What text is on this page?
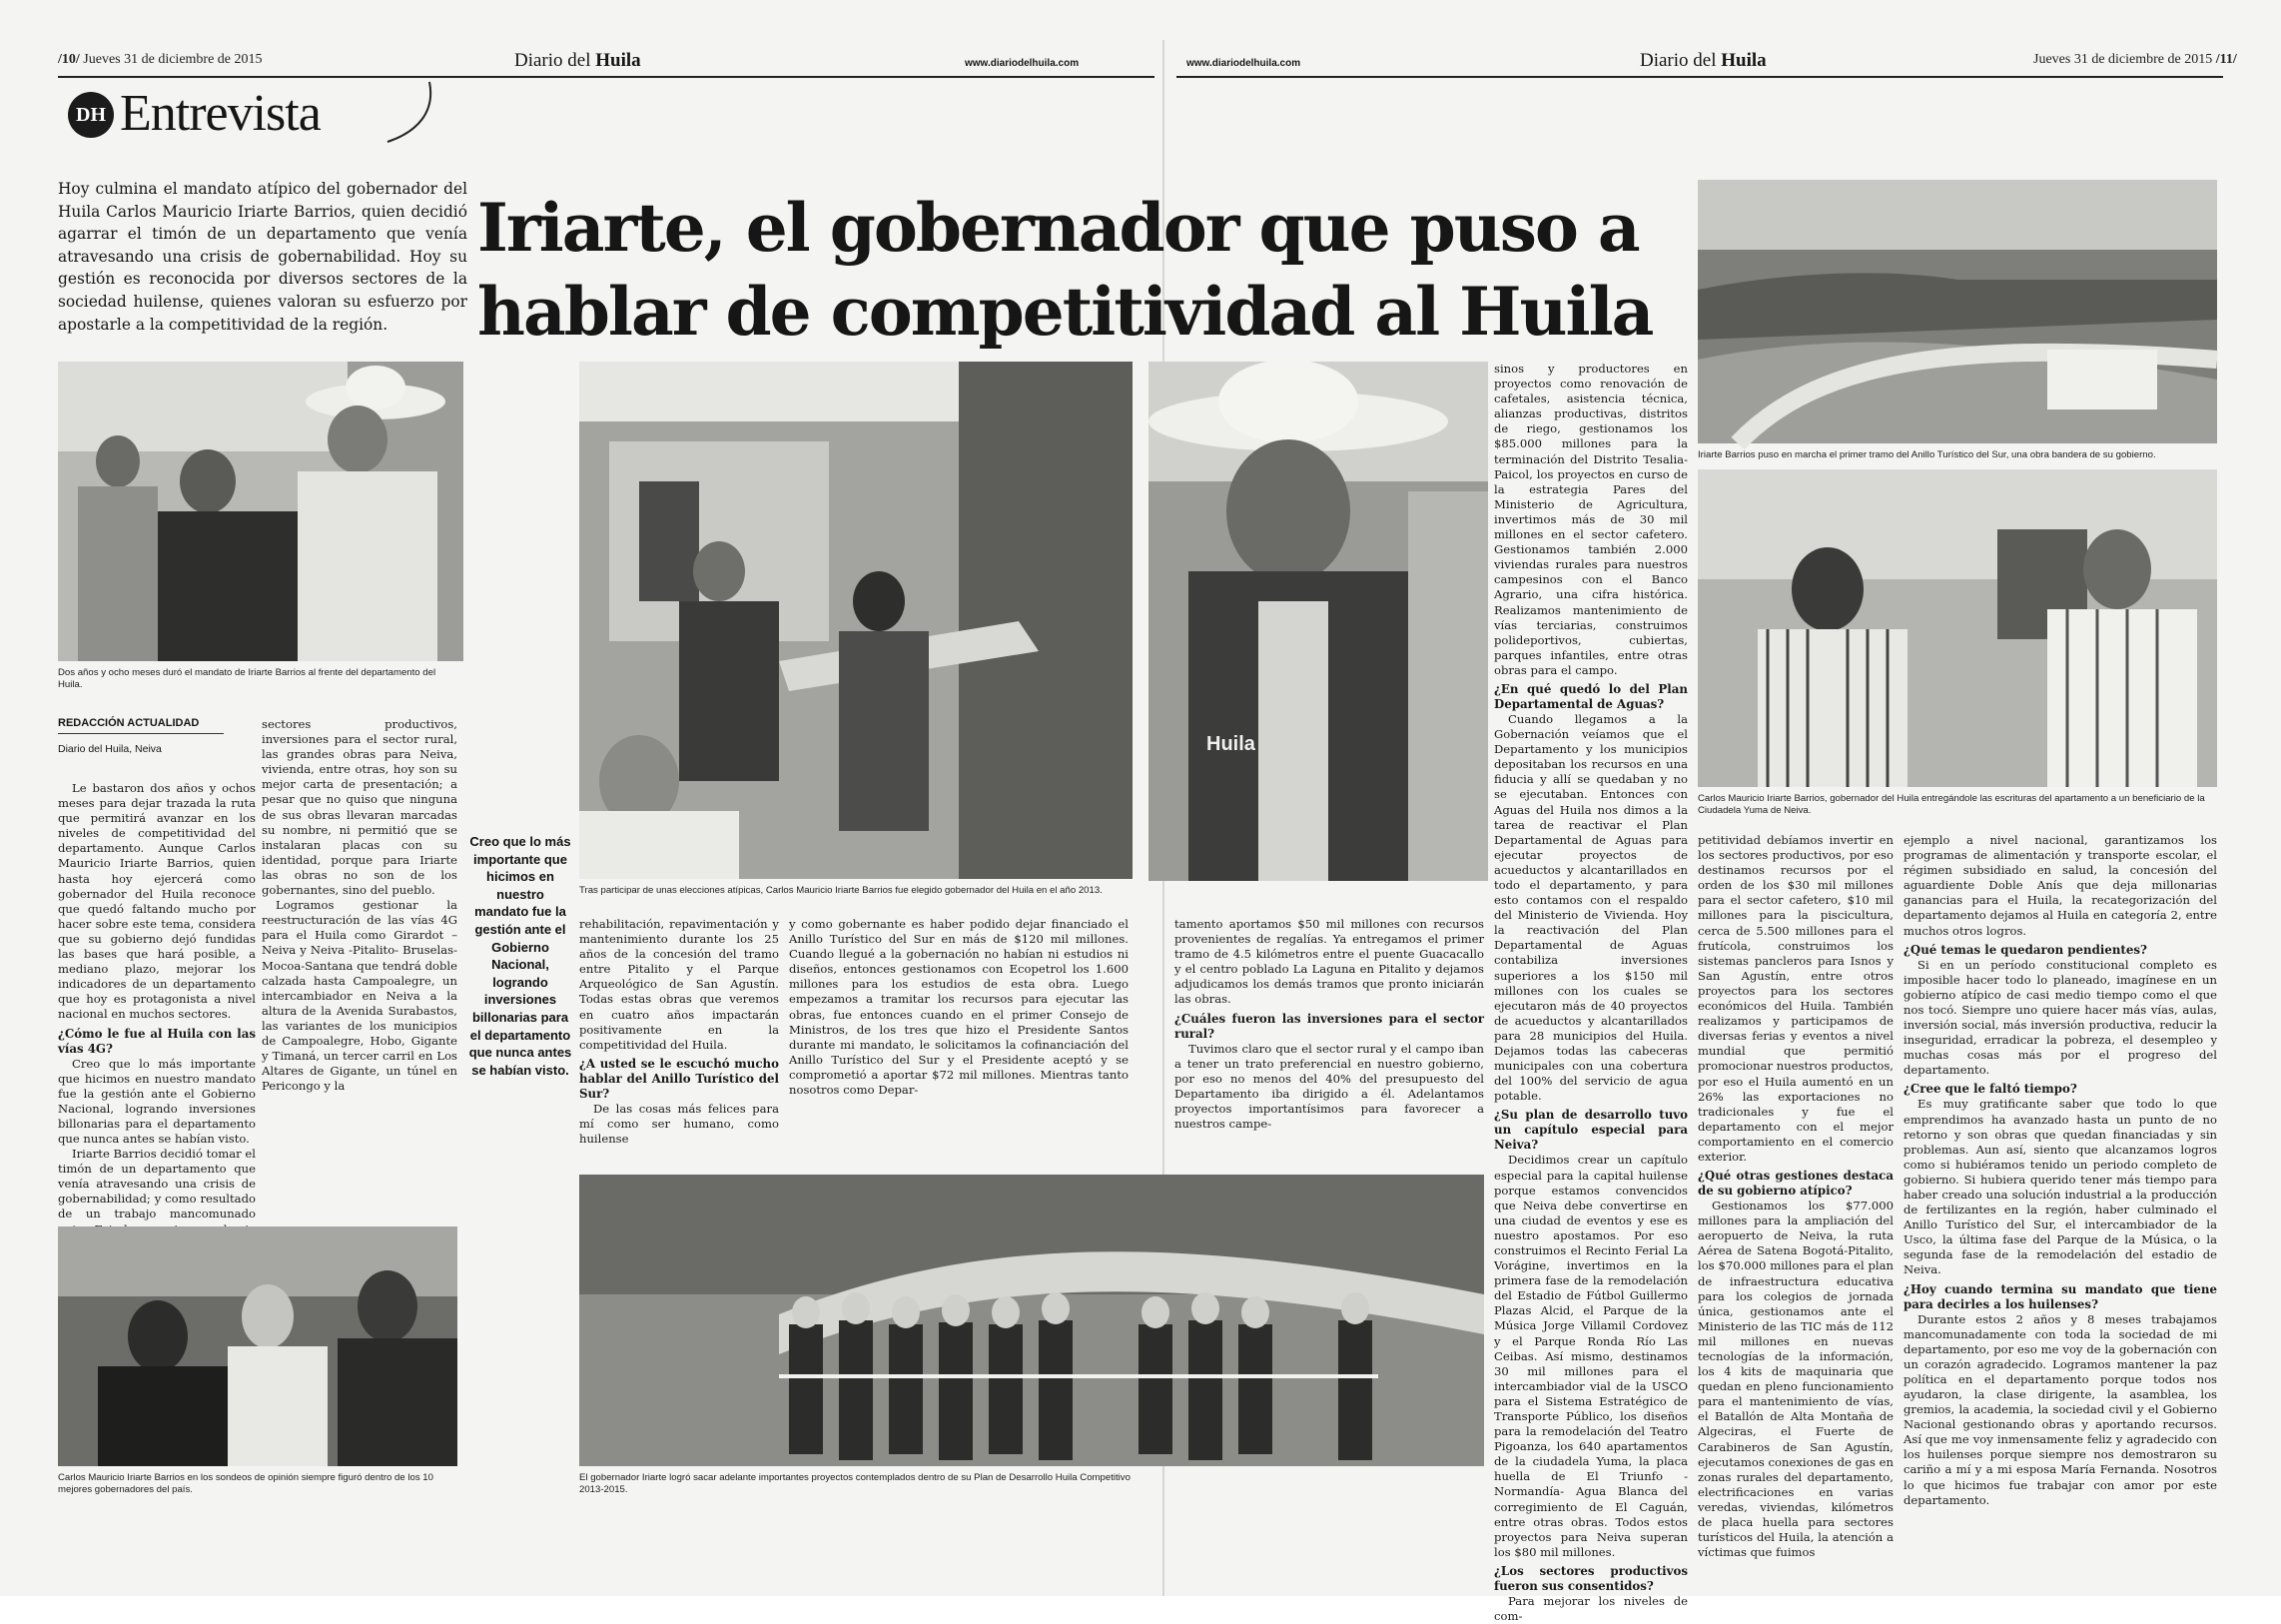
/10/ Jueves 31 de diciembre de 2015	Diario del Huila	www.diariodelhuila.com	www.diariodelhuila.com	Diario del Huila	Jueves 31 de diciembre de 2015 /11/
DH Entrevista
Hoy culmina el mandato atípico del gobernador del Huila Carlos Mauricio Iriarte Barrios, quien decidió agarrar el timón de un departamento que venía atravesando una crisis de gobernabilidad. Hoy su gestión es reconocida por diversos sectores de la sociedad huilense, quienes valoran su esfuerzo por apostarle a la competitividad de la región.
Iriarte, el gobernador que puso a
hablar de competitividad al Huila
Dos años y ocho meses duró el mandato de Iriarte Barrios al frente del departamento del Huila.
REDACCIÓN ACTUALIDAD
Diario del Huila, Neiva

Le bastaron dos años y ochos meses para dejar trazada la ruta que permitirá avanzar en los niveles de competitividad del departamento. Aunque Carlos Mauricio Iriarte Barrios, quien hasta hoy ejercerá como gobernador del Huila reconoce que quedó faltando mucho por hacer sobre este tema, considera que su gobierno dejó fundidas las bases que hará posible, a mediano plazo, mejorar los indicadores de un departamento que hoy es protagonista a nivel nacional en muchos sectores.

¿Cómo le fue al Huila con las vías 4G?

Creo que lo más importante que hicimos en nuestro mandato fue la gestión ante el Gobierno Nacional, logrando inversiones billonarias para el departamento que nunca antes se habían visto.

Iriarte Barrios decidió tomar el timón de un departamento que venía atravesando una crisis de gobernabilidad; y como resultado de un trabajo mancomunado

sectores productivos, inversiones para el sector rural, las grandes obras para Neiva, vivienda, entre otras, hoy son su mejor carta de presentación; a pesar que no quiso que ninguna de sus obras llevaran marcadas su nombre, ni permitió que se instalaran placas con su identidad, porque para Iriarte las obras no son de los gobernantes, sino del pueblo.

Logramos gestionar la reestructuración de las vías 4G para el Huila como Girardot – Neiva y Neiva -Pitalito- Bruselas-Mocoa-Santana que tendrá doble calzada hasta Campoalegre, un intercambiador en Neiva a la altura de la Avenida Surabastos, las variantes de los municipios de Campoalegre, Hobo, Gigante y Timaná, un tercer carril en Los Altares de Gigante, un túnel en Pericongo y la

Creo que lo más importante que hicimos en nuestro mandato fue la gestión ante el Gobierno Nacional, logrando inversiones billonarias para el departamento que nunca antes se habían visto.
Carlos Mauricio Iriarte Barrios en los sondeos de opinión siempre figuró dentro de los 10 mejores gobernadores del país.
Tras participar de unas elecciones atípicas, Carlos Mauricio Iriarte Barrios fue elegido gobernador del Huila en el año 2013.
Huila

rehabilitación, repavimentación y mantenimiento durante los 25 años de la concesión del tramo entre Pitalito y el Parque Arqueológico de San Agustín. Todas estas obras que veremos en cuatro años impactarán positivamente en la competitividad del Huila.

¿A usted se le escuchó mucho hablar del Anillo Turístico del Sur?

De las cosas más felices para mí como ser humano, como huilense

y como gobernante es haber podido dejar financiado el Anillo Turístico del Sur en más de $120 mil millones. Cuando llegué a la gobernación no habían ni estudios ni diseños, entonces gestionamos con Ecopetrol los 1.600 millones para los estudios de esta obra. Luego empezamos a tramitar los recursos para ejecutar las obras, fue entonces cuando en el primer Consejo de Ministros, de los tres que hizo el Presidente Santos durante mi mandato, le solicitamos la cofinanciación del Anillo Turístico del Sur y el Presidente aceptó y se comprometió a aportar $72 mil millones. Mientras tanto nosotros como Depar-

tamento aportamos $50 mil millones con recursos provenientes de regalías. Ya entregamos el primer tramo de 4.5 kilómetros entre el puente Guacacallo y el centro poblado La Laguna en Pitalito y dejamos adjudicamos los demás tramos que pronto iniciarán las obras.

¿Cuáles fueron las inversiones para el sector rural?

Tuvimos claro que el sector rural y el campo iban a tener un trato preferencial en nuestro gobierno, por eso no menos del 40% del presupuesto del Departamento iba dirigido a él. Adelantamos proyectos importantísimos para favorecer a nuestros campe-

El gobernador Iriarte logró sacar adelante importantes proyectos contemplados dentro de su Plan de Desarrollo Huila Competitivo 2013-2015.

sinos y productores en proyectos como renovación de cafetales, asistencia técnica, alianzas productivas, distritos de riego, gestionamos los $85.000 millones para la terminación del Distrito Tesalia-Paicol, los proyectos en curso de la estrategia Pares del Ministerio de Agricultura, invertimos más de 30 mil millones en el sector cafetero. Gestionamos también 2.000 viviendas rurales para nuestros campesinos con el Banco Agrario, una cifra histórica. Realizamos mantenimiento de vías terciarias, construimos polideportivos, cubiertas, parques infantiles, entre otras obras para el campo.

¿En qué quedó lo del Plan Departamental de Aguas?

Cuando llegamos a la Gobernación veíamos que el Departamento y los municipios depositaban los recursos en una fiducia y allí se quedaban y no se ejecutaban. Entonces con Aguas del Huila nos dimos a la tarea de reactivar el Plan Departamental de Aguas para ejecutar proyectos de acueductos y alcantarillados en todo el departamento, y para esto contamos con el respaldo del Ministerio de Vivienda. Hoy la reactivación del Plan Departamental de Aguas contabiliza inversiones superiores a los $150 mil millones con los cuales se ejecutaron más de 40 proyectos de acueductos y alcantarillados para 28 municipios del Huila. Dejamos todas las cabeceras municipales con una cobertura del 100% del servicio de agua potable.

¿Su plan de desarrollo tuvo un capítulo especial para Neiva?

Decidimos crear un capítulo especial para la capital huilense porque estamos convencidos que Neiva debe convertirse en una ciudad de eventos y ese es nuestro apostamos. Por eso construimos el Recinto Ferial La Vorágine, invertimos en la primera fase de la remodelación del Estadio de Fútbol Guillermo Plazas Alcid, el Parque de la Música Jorge Villamil Cordovez y el Parque Ronda Río Las Ceibas. Así mismo, destinamos 30 mil millones para el intercambiador vial de la USCO para el Sistema Estratégico de Transporte Público, los diseños para la remodelación del Teatro Pigoanza, los 640 apartamentos de la ciudadela Yuma, la placa huella de El Triunfo -Normandía- Agua Blanca del corregimiento de El Caguán, entre otras obras. Todos estos proyectos para Neiva superan los $80 mil millones.

¿Los sectores productivos fueron sus consentidos?

Para mejorar los niveles de com-

Iriarte Barrios puso en marcha el primer tramo del Anillo Turístico del Sur, una obra bandera de su gobierno.
Carlos Mauricio Iriarte Barrios, gobernador del Huila entregándole las escrituras del apartamento a un beneficiario de la Ciudadela Yuma de Neiva.

petitividad debíamos invertir en los sectores productivos, por eso destinamos recursos por el orden de los $30 mil millones para el sector cafetero, $10 mil millones para la piscicultura, cerca de 5.500 millones para el frutícola, construimos los sistemas pancleros para Isnos y San Agustín, entre otros proyectos para los sectores económicos del Huila. También realizamos y participamos de diversas ferias y eventos a nivel mundial que permitió promocionar nuestros productos, por eso el Huila aumentó en un 26% las exportaciones no tradicionales y fue el departamento con el mejor comportamiento en el comercio exterior.

¿Qué otras gestiones destaca de su gobierno atípico?

Gestionamos los $77.000 millones para la ampliación del aeropuerto de Neiva, la ruta Aérea de Satena Bogotá-Pitalito, los $70.000 millones para el plan de infraestructura educativa para los colegios de jornada única, gestionamos ante el Ministerio de las TIC más de 112 mil millones en nuevas tecnologías de la información, los 4 kits de maquinaria que quedan en pleno funcionamiento para el mantenimiento de vías, el Batallón de Alta Montaña de Algeciras, el Fuerte de Carabineros de San Agustín, ejecutamos conexiones de gas en zonas rurales del departamento, electrificaciones en varias veredas, viviendas, kilómetros de placa huella para sectores turísticos del Huila, la atención a víctimas que fuimos

ejemplo a nivel nacional, garantizamos los programas de alimentación y transporte escolar, el régimen subsidiado en salud, la concesión del aguardiente Doble Anís que deja millonarias ganancias para el Huila, la recategorización del departamento dejamos al Huila en categoría 2, entre muchos otros logros.

¿Qué temas le quedaron pendientes?

Si en un período constitucional completo es imposible hacer todo lo planeado, imagínese en un gobierno atípico de casi medio tiempo como el que nos tocó. Siempre uno quiere hacer más vías, aulas, inversión social, más inversión productiva, reducir la inseguridad, erradicar la pobreza, el desempleo y muchas cosas más por el progreso del departamento.

¿Cree que le faltó tiempo?

Es muy gratificante saber que todo lo que emprendimos ha avanzado hasta un punto de no retorno y son obras que quedan financiadas y sin problemas. Aun así, siento que alcanzamos logros como si hubiéramos tenido un periodo completo de gobierno. Si hubiera querido tener más tiempo para haber creado una solución industrial a la producción de fertilizantes en la región, haber culminado el Anillo Turístico del Sur, el intercambiador de la Usco, la última fase del Parque de la Música, o la segunda fase de la remodelación del estadio de Neiva.

¿Hoy cuando termina su mandato que tiene para decirles a los huilenses?

Durante estos 2 años y 8 meses trabajamos mancomunadamente con toda la sociedad de mi departamento, por eso me voy de la gobernación con un corazón agradecido. Logramos mantener la paz política en el departamento porque todos nos ayudaron, la clase dirigente, la asamblea, los gremios, la academia, la sociedad civil y el Gobierno Nacional gestionando obras y aportando recursos. Así que me voy inmensamente feliz y agradecido con los huilenses porque siempre nos demostraron su cariño a mí y a mi esposa María Fernanda. Nosotros lo que hicimos fue trabajar con amor por este departamento.
